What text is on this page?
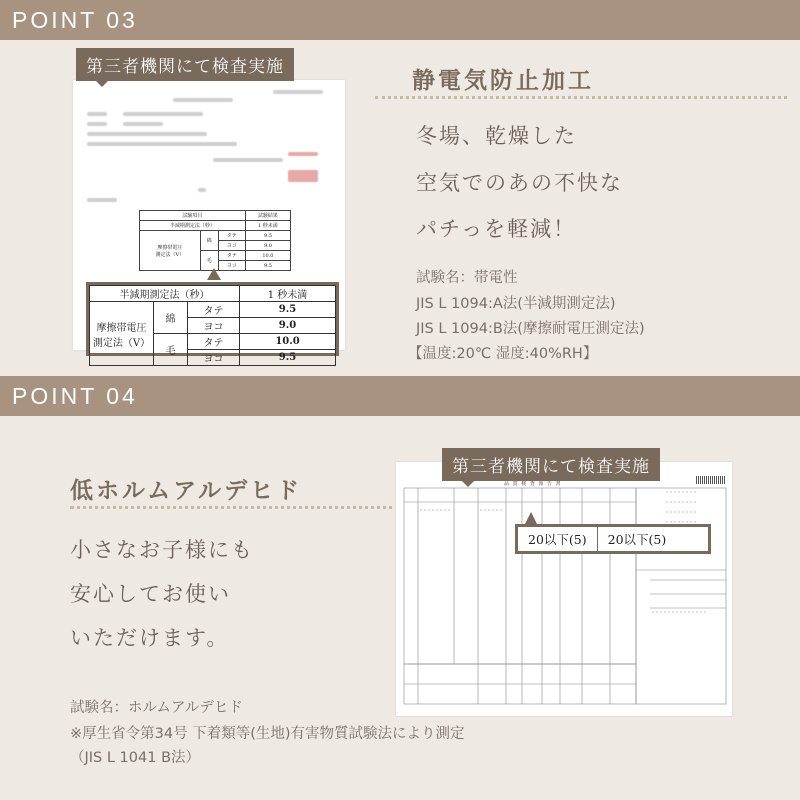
POINT 03
試験項目			試験結果
半減期測定法（秒）			1 秒未満
摩擦帯電圧
測定法（V）	綿	タテ	9.5
		ヨコ	9.0
	毛	タテ	10.0
		ヨコ	9.5
第三者機関にて検査実施
半減期測定法（秒）			1 秒未満
摩擦帯電圧
測定法（V）	綿	タテ	9.5
		ヨコ	9.0
	毛	タテ	10.0
		ヨコ	9.5
静電気防止加工
冬場、乾燥した
空気でのあの不快な
パチっを軽減！
試験名：帯電性
JIS L 1094:A法(半減期測定法)
JIS L 1094:B法(摩擦耐電圧測定法)
【温度:20℃ 湿度:40%RH】
POINT 04
低ホルムアルデヒド
小さなお子様にも
安心してお使い
いただけます。
試験名：ホルムアルデヒド
※厚生省令第34号 下着類等(生地)有害物質試験法により測定
（JIS L 1041 B法）
品 質 検 査 報 告 書
第三者機関にて検査実施
20以下(5)	20以下(5)
